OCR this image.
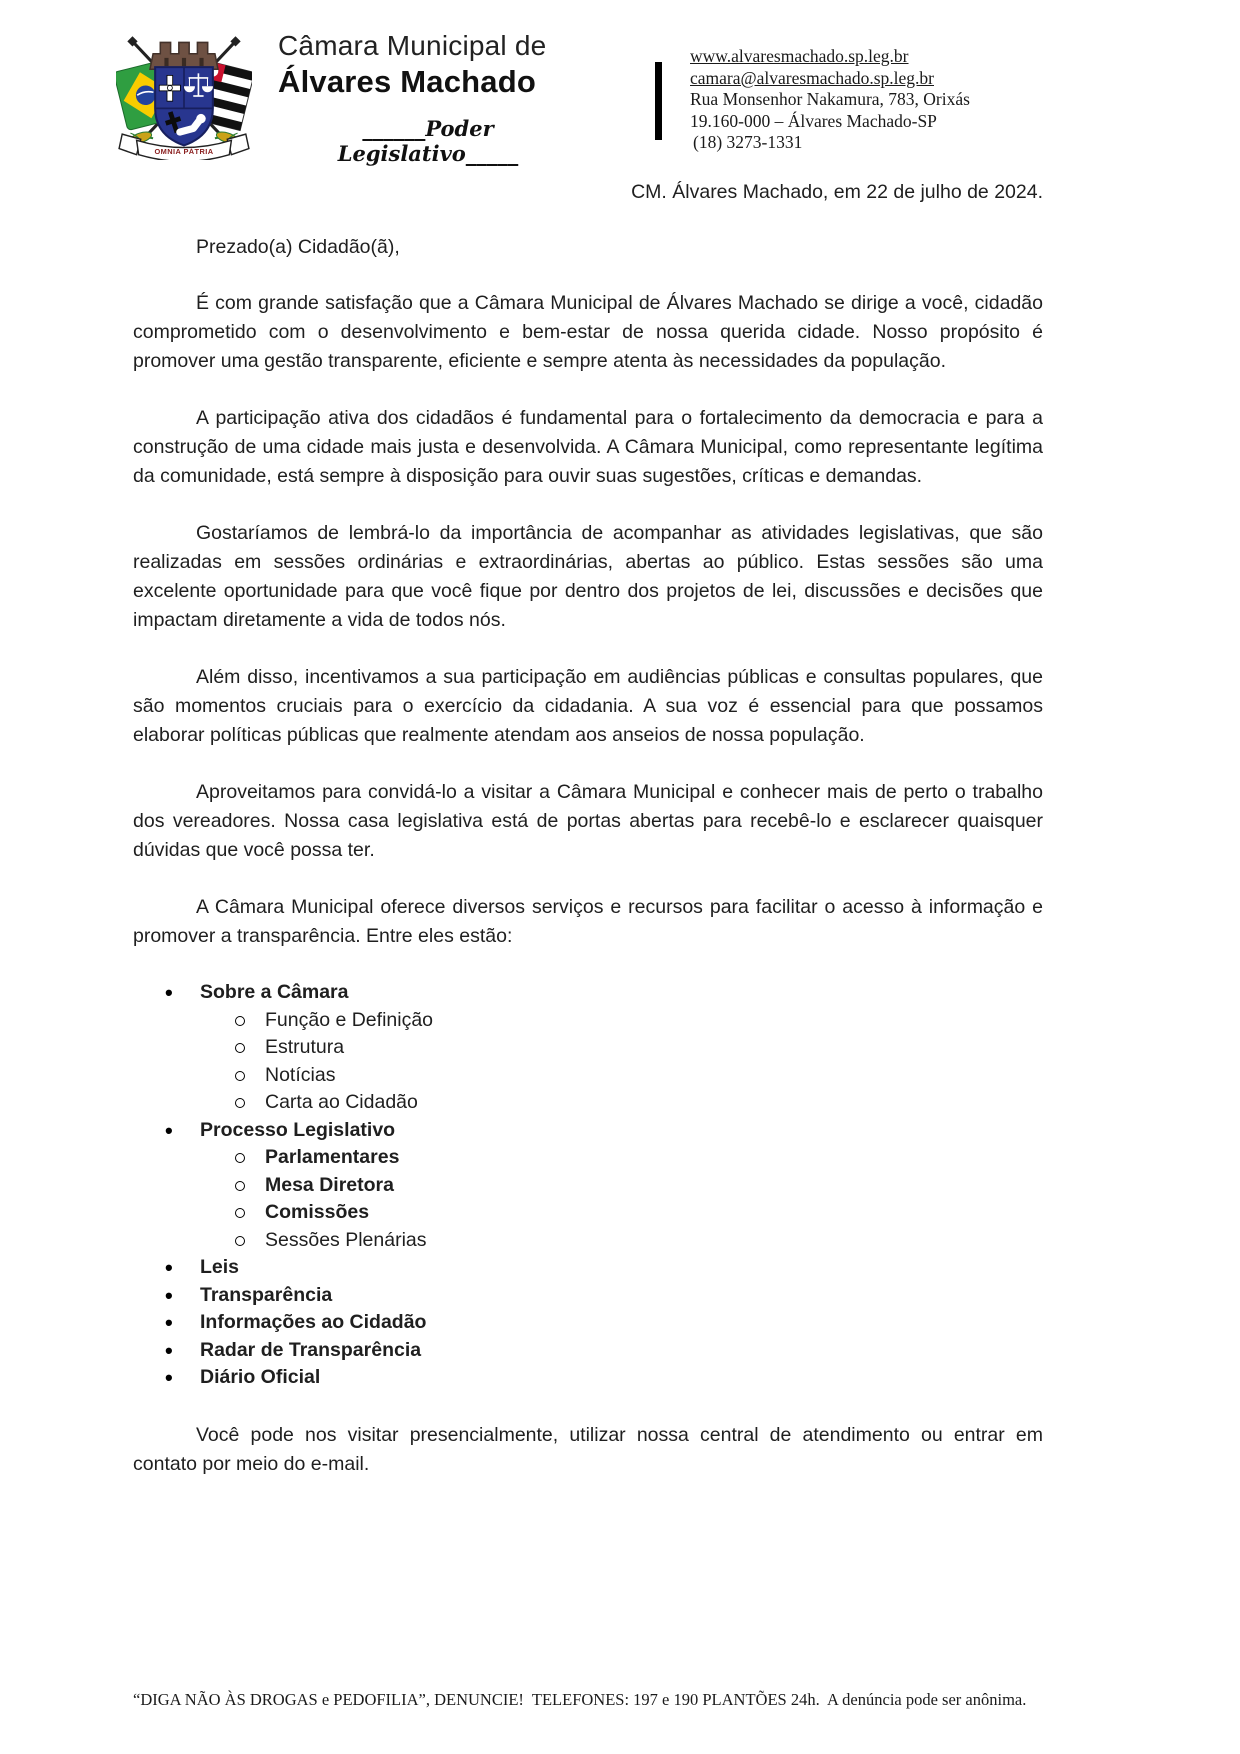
OMNIA PÁTRIA
Câmara Municipal de
Álvares Machado
______Poder Legislativo_____
www.alvaresmachado.sp.leg.br
camara@alvaresmachado.sp.leg.br
Rua Monsenhor Nakamura, 783, Orixás
19.160-000 – Álvares Machado-SP
(18) 3273-1331
CM. Álvares Machado, em 22 de julho de 2024.

Prezado(a) Cidadão(ã),

É com grande satisfação que a Câmara Municipal de Álvares Machado se dirige a você, cidadão comprometido com o desenvolvimento e bem-estar de nossa querida cidade. Nosso propósito é promover uma gestão transparente, eficiente e sempre atenta às necessidades da população.

A participação ativa dos cidadãos é fundamental para o fortalecimento da democracia e para a construção de uma cidade mais justa e desenvolvida. A Câmara Municipal, como representante legítima da comunidade, está sempre à disposição para ouvir suas sugestões, críticas e demandas.

Gostaríamos de lembrá-lo da importância de acompanhar as atividades legislativas, que são realizadas em sessões ordinárias e extraordinárias, abertas ao público. Estas sessões são uma excelente oportunidade para que você fique por dentro dos projetos de lei, discussões e decisões que impactam diretamente a vida de todos nós.

Além disso, incentivamos a sua participação em audiências públicas e consultas populares, que são momentos cruciais para o exercício da cidadania. A sua voz é essencial para que possamos elaborar políticas públicas que realmente atendam aos anseios de nossa população.

Aproveitamos para convidá-lo a visitar a Câmara Municipal e conhecer mais de perto o trabalho dos vereadores. Nossa casa legislativa está de portas abertas para recebê-lo e esclarecer quaisquer dúvidas que você possa ter.

A Câmara Municipal oferece diversos serviços e recursos para facilitar o acesso à informação e promover a transparência. Entre eles estão:

• Sobre a Câmara
Função e Definição
Estrutura
Notícias
Carta ao Cidadão
• Processo Legislativo
Parlamentares
Mesa Diretora
Comissões
Sessões Plenárias
• Leis
• Transparência
• Informações ao Cidadão
• Radar de Transparência
• Diário Oficial

Você pode nos visitar presencialmente, utilizar nossa central de atendimento ou entrar em contato por meio do e-mail.

“DIGA NÃO ÀS DROGAS e PEDOFILIA”, DENUNCIE!  TELEFONES: 197 e 190 PLANTÕES 24h.  A denúncia pode ser anônima.
